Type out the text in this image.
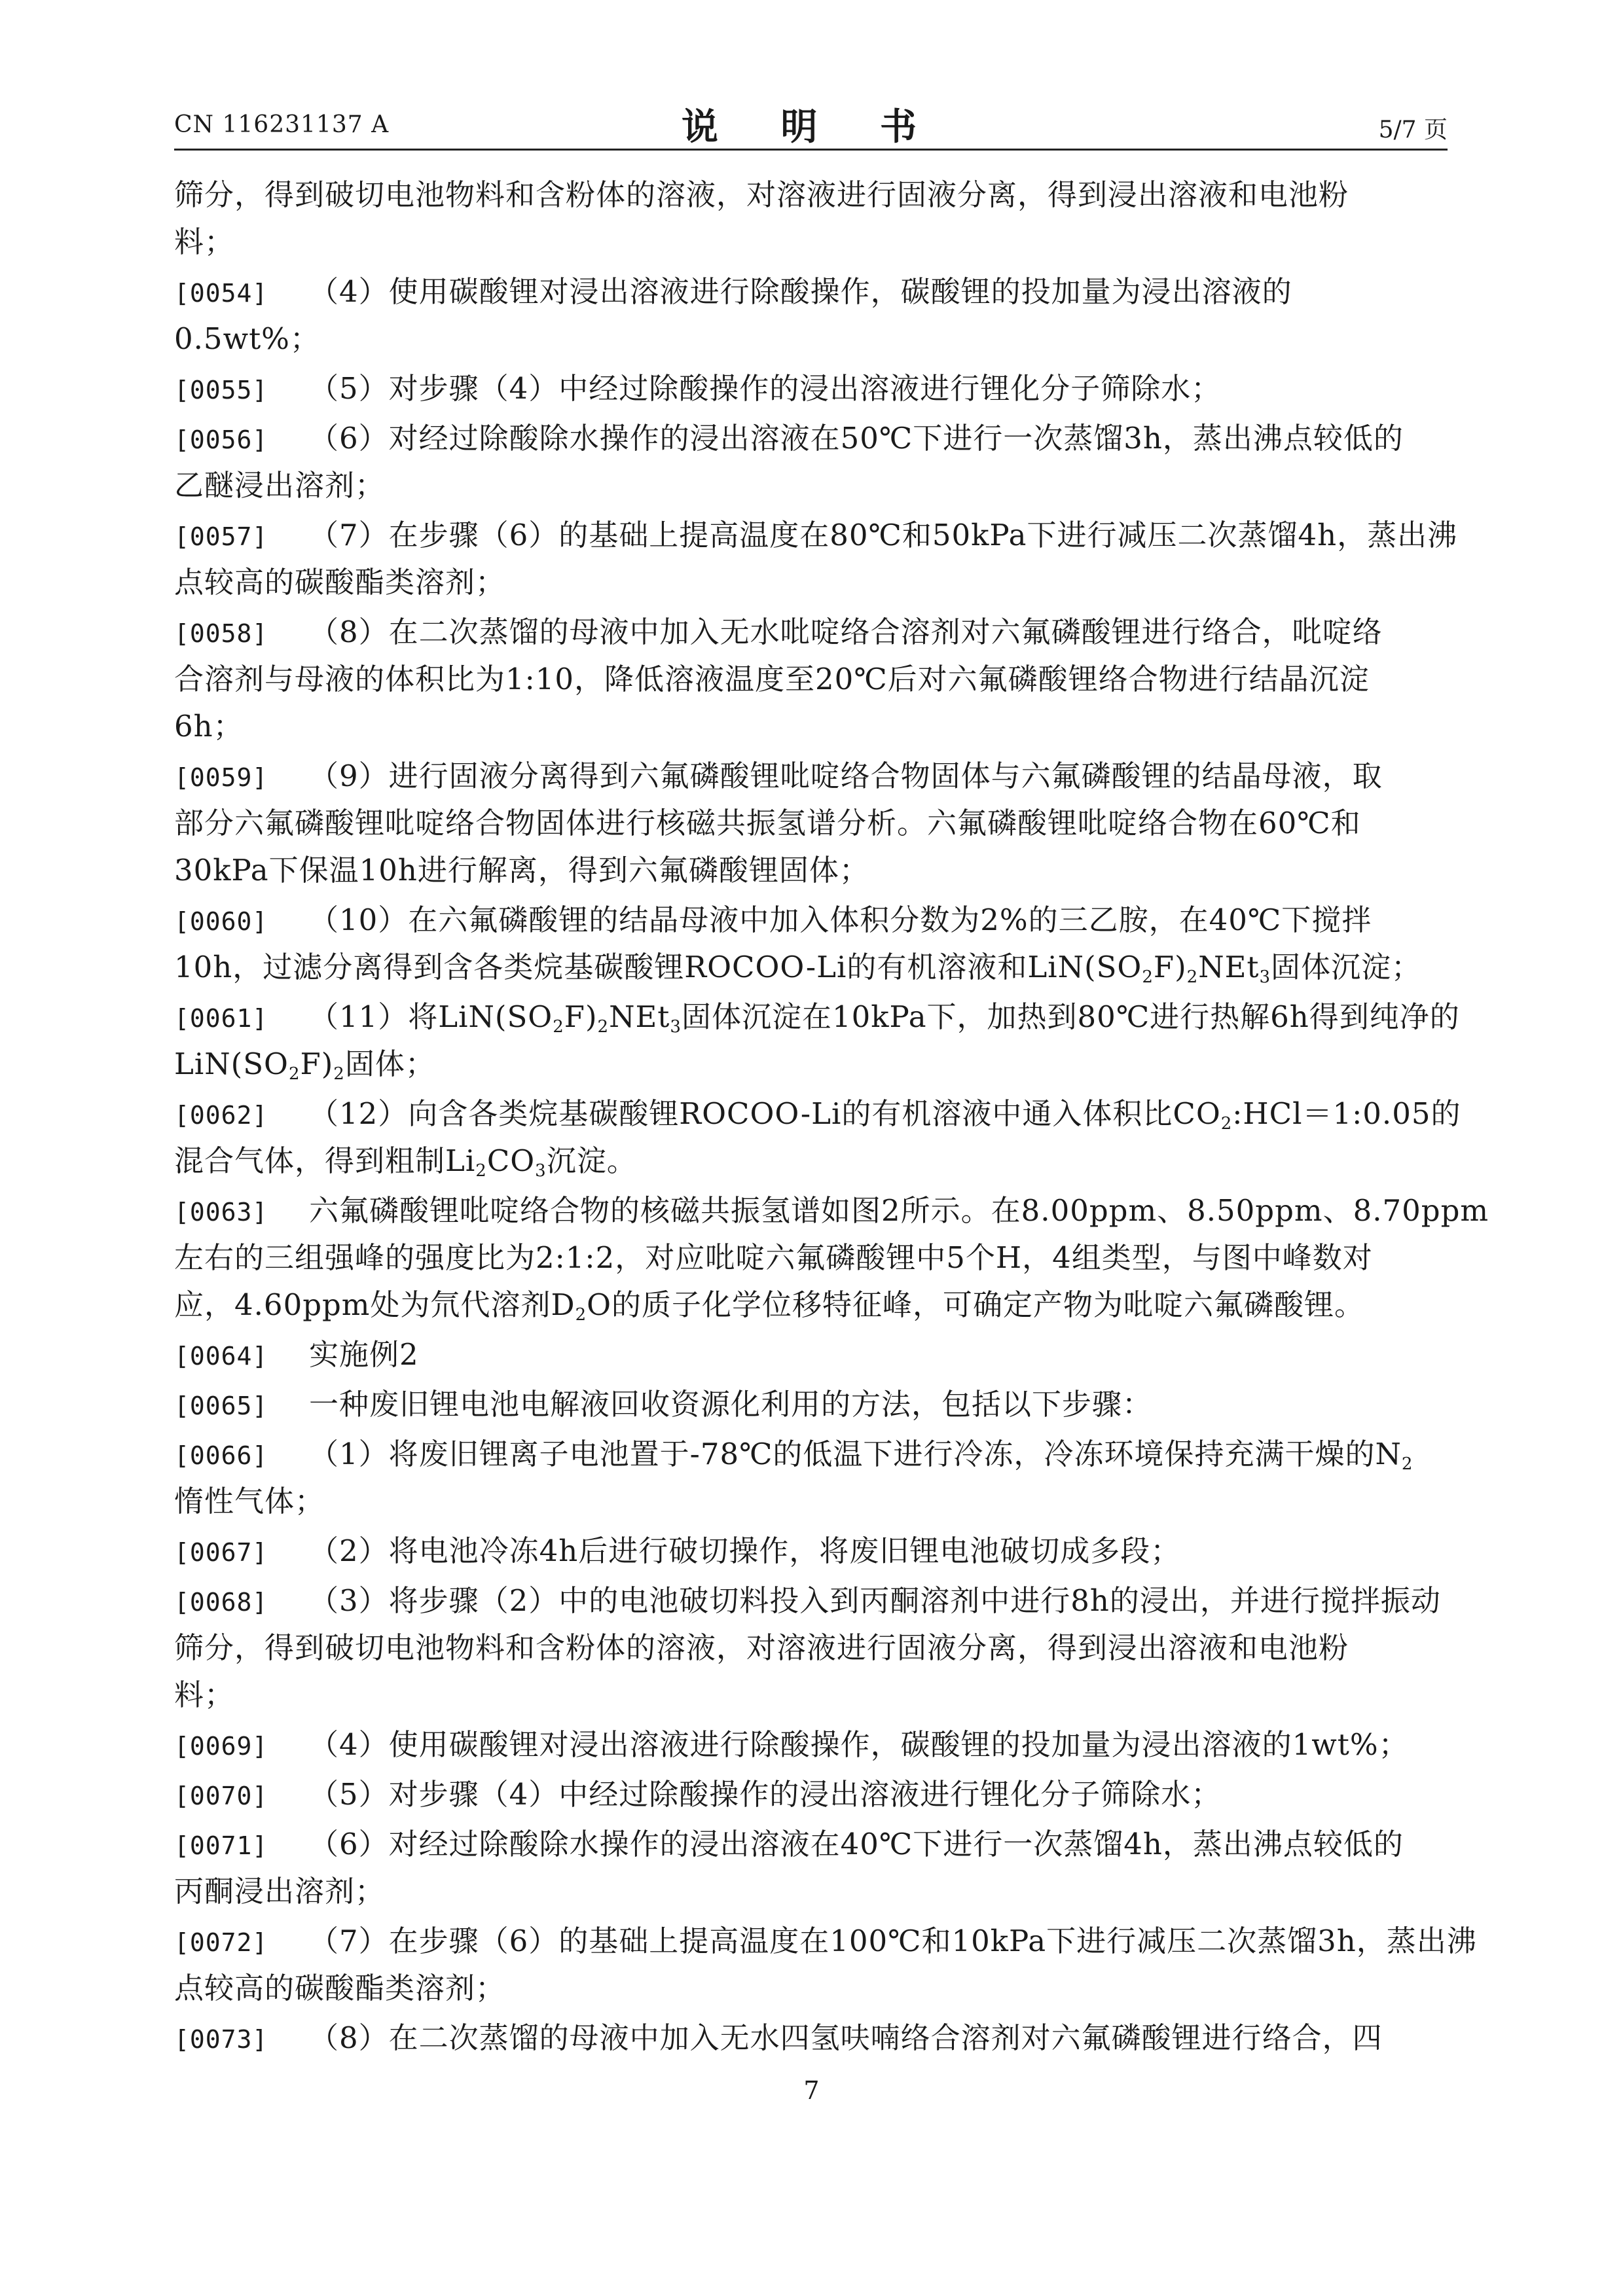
CN 116231137 A	说 明 书	5/7 页
筛分，得到破切电池物料和含粉体的溶液，对溶液进行固液分离，得到浸出溶液和电池粉
料；
[0054] （4）使用碳酸锂对浸出溶液进行除酸操作，碳酸锂的投加量为浸出溶液的
0.5wt%；
[0055] （5）对步骤（4）中经过除酸操作的浸出溶液进行锂化分子筛除水；
[0056] （6）对经过除酸除水操作的浸出溶液在50℃下进行一次蒸馏3h，蒸出沸点较低的
乙醚浸出溶剂；
[0057] （7）在步骤（6）的基础上提高温度在80℃和50kPa下进行减压二次蒸馏4h，蒸出沸
点较高的碳酸酯类溶剂；
[0058] （8）在二次蒸馏的母液中加入无水吡啶络合溶剂对六氟磷酸锂进行络合，吡啶络
合溶剂与母液的体积比为1:10，降低溶液温度至20℃后对六氟磷酸锂络合物进行结晶沉淀
6h；
[0059] （9）进行固液分离得到六氟磷酸锂吡啶络合物固体与六氟磷酸锂的结晶母液，取
部分六氟磷酸锂吡啶络合物固体进行核磁共振氢谱分析。六氟磷酸锂吡啶络合物在60℃和
30kPa下保温10h进行解离，得到六氟磷酸锂固体；
[0060] （10）在六氟磷酸锂的结晶母液中加入体积分数为2%的三乙胺，在40℃下搅拌
10h，过滤分离得到含各类烷基碳酸锂ROCOO-Li的有机溶液和$LiN(SO_2F)_2NEt_3$固体沉淀；
[0061] （11）将$LiN(SO_2F)_2NEt_3$固体沉淀在10kPa下，加热到80℃进行热解6h得到纯净的
$LiN(SO_2F)_2$固体；
[0062] （12）向含各类烷基碳酸锂ROCOO-Li的有机溶液中通入体积比$CO_2:HCl=1:0.05$的
混合气体，得到粗制$Li_2CO_3$沉淀。
[0063] 六氟磷酸锂吡啶络合物的核磁共振氢谱如图2所示。在8.00ppm、8.50ppm、8.70ppm
左右的三组强峰的强度比为2:1:2，对应吡啶六氟磷酸锂中5个H，4组类型，与图中峰数对
应，4.60ppm处为氘代溶剂$D_2O$的质子化学位移特征峰，可确定产物为吡啶六氟磷酸锂。
[0064] 实施例2
[0065] 一种废旧锂电池电解液回收资源化利用的方法，包括以下步骤：
[0066] （1）将废旧锂离子电池置于-78℃的低温下进行冷冻，冷冻环境保持充满干燥的$N_2$
惰性气体；
[0067] （2）将电池冷冻4h后进行破切操作，将废旧锂电池破切成多段；
[0068] （3）将步骤（2）中的电池破切料投入到丙酮溶剂中进行8h的浸出，并进行搅拌振动
筛分，得到破切电池物料和含粉体的溶液，对溶液进行固液分离，得到浸出溶液和电池粉
料；
[0069] （4）使用碳酸锂对浸出溶液进行除酸操作，碳酸锂的投加量为浸出溶液的1wt%；
[0070] （5）对步骤（4）中经过除酸操作的浸出溶液进行锂化分子筛除水；
[0071] （6）对经过除酸除水操作的浸出溶液在40℃下进行一次蒸馏4h，蒸出沸点较低的
丙酮浸出溶剂；
[0072] （7）在步骤（6）的基础上提高温度在100℃和10kPa下进行减压二次蒸馏3h，蒸出沸
点较高的碳酸酯类溶剂；
[0073] （8）在二次蒸馏的母液中加入无水四氢呋喃络合溶剂对六氟磷酸锂进行络合，四
7
